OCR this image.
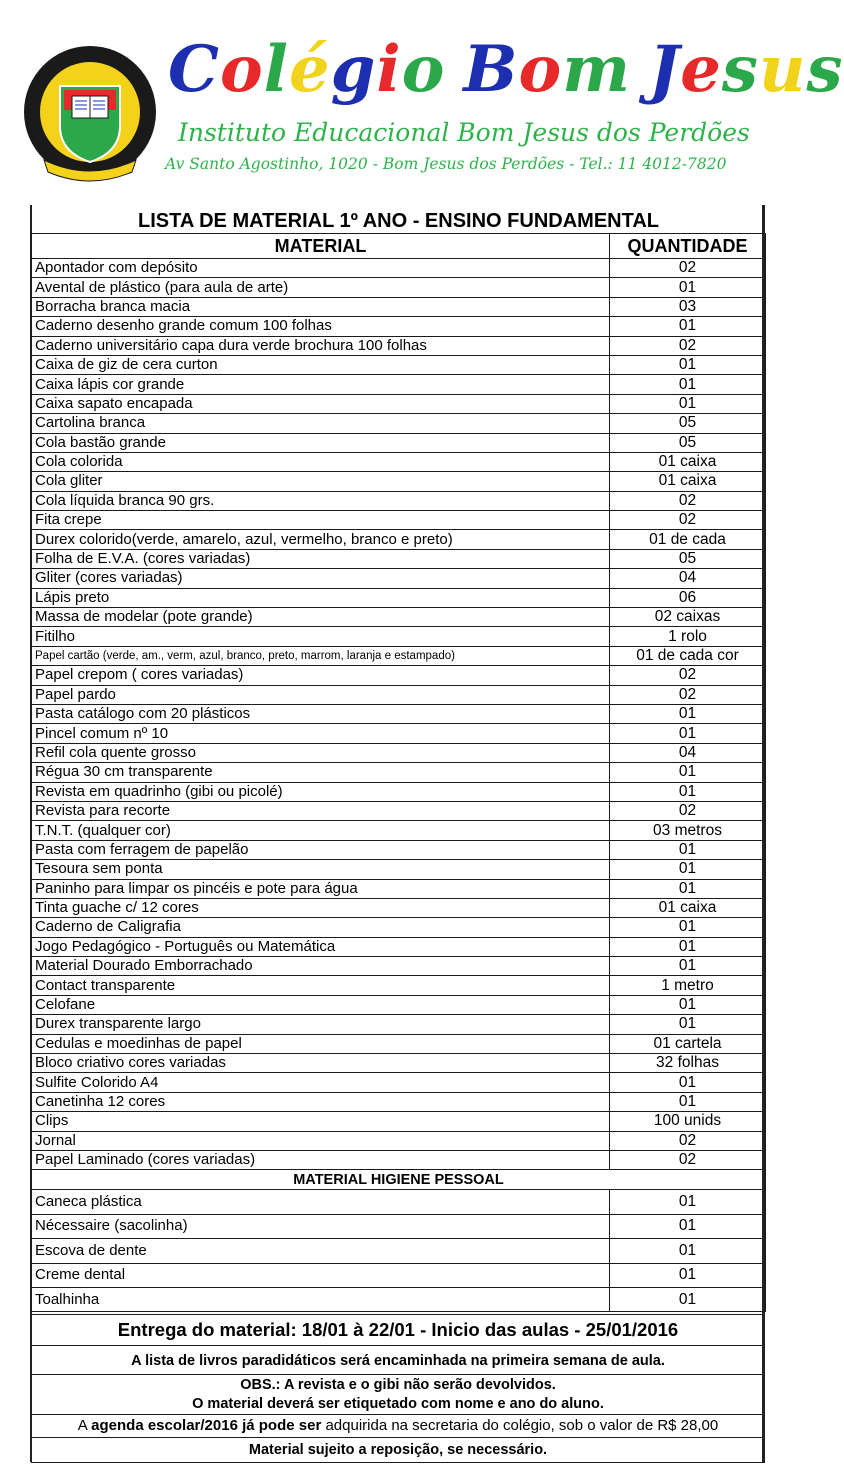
Colégio Bom Jesus
Instituto Educacional Bom Jesus dos Perdões
Av Santo Agostinho, 1020 - Bom Jesus dos Perdões - Tel.: 11 4012-7820
LISTA DE MATERIAL 1º ANO - ENSINO FUNDAMENTAL
MATERIAL	QUANTIDADE
Apontador com depósito	02
Avental de plástico (para aula de arte)	01
Borracha branca macia	03
Caderno desenho grande comum 100 folhas	01
Caderno universitário capa dura verde brochura 100 folhas	02
Caixa de giz de cera curton	01
Caixa lápis cor grande	01
Caixa sapato encapada	01
Cartolina branca	05
Cola bastão grande	05
Cola colorida	01 caixa
Cola gliter	01 caixa
Cola líquida branca 90 grs.	02
Fita crepe	02
Durex colorido(verde, amarelo, azul, vermelho, branco e preto)	01 de cada
Folha de E.V.A. (cores variadas)	05
Gliter (cores variadas)	04
Lápis preto	06
Massa de modelar (pote grande)	02 caixas
Fitilho	1 rolo
Papel cartão (verde, am., verm, azul, branco, preto, marrom, laranja e estampado)	01 de cada cor
Papel crepom ( cores variadas)	02
Papel pardo	02
Pasta catálogo com 20 plásticos	01
Pincel comum nº 10	01
Refil cola quente grosso	04
Régua 30 cm transparente	01
Revista em quadrinho (gibi ou picolé)	01
Revista para recorte	02
T.N.T. (qualquer cor)	03 metros
Pasta com ferragem de papelão	01
Tesoura sem ponta	01
Paninho para limpar os pincéis e pote para água	01
Tinta guache c/ 12 cores	01 caixa
Caderno de Caligrafia	01
Jogo Pedagógico - Português ou Matemática	01
Material Dourado Emborrachado	01
Contact transparente	1 metro
Celofane	01
Durex transparente largo	01
Cedulas e moedinhas de papel	01 cartela
Bloco criativo cores variadas	32 folhas
Sulfite Colorido A4	01
Canetinha 12 cores	01
Clips	100 unids
Jornal	02
Papel Laminado (cores variadas)	02
MATERIAL HIGIENE PESSOAL	
Caneca plástica	01
Nécessaire (sacolinha)	01
Escova de dente	01
Creme dental	01
Toalhinha	01
Entrega do material: 18/01 à 22/01 - Inicio das aulas - 25/01/2016
A lista de livros paradidáticos será encaminhada na primeira semana de aula.
OBS.: A revista e o gibi não serão devolvidos.
O material deverá ser etiquetado com nome e ano do aluno.
A agenda escolar/2016 já pode ser adquirida na secretaria do colégio, sob o valor de R$ 28,00
Material sujeito a reposição, se necessário.
